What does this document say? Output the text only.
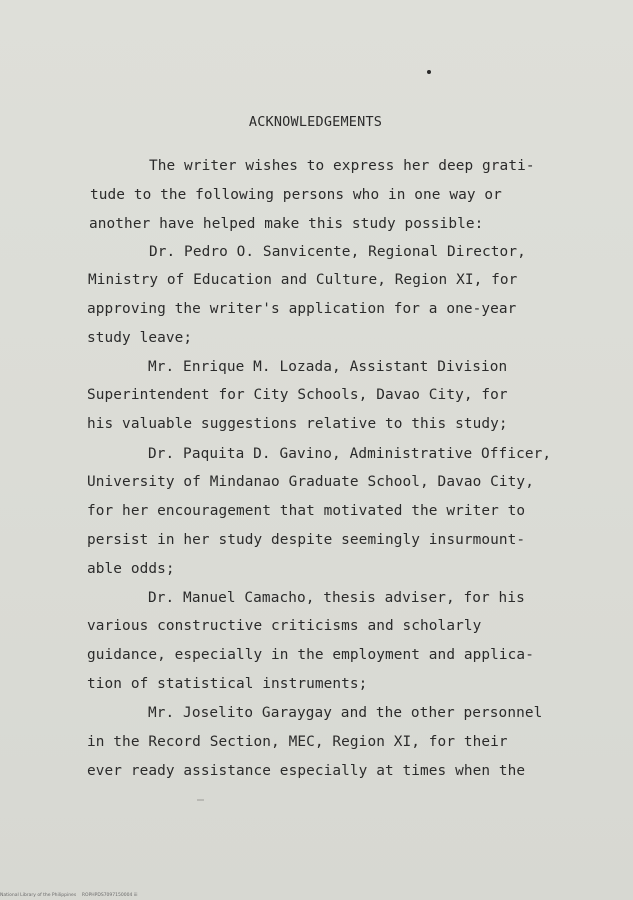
ACKNOWLEDGEMENTS
The writer wishes to express her deep grati-
tude to the following persons who in one way or
another have helped make this study possible:
Dr. Pedro O. Sanvicente, Regional Director,
Ministry of Education and Culture, Region XI, for
approving the writer's application for a one-year
study leave;
Mr. Enrique M. Lozada, Assistant Division
Superintendent for City Schools, Davao City, for
his valuable suggestions relative to this study;
Dr. Paquita D. Gavino, Administrative Officer,
University of Mindanao Graduate School, Davao City,
for her encouragement that motivated the writer to
persist in her study despite seemingly insurmount-
able odds;
Dr. Manuel Camacho, thesis adviser, for his
various constructive criticisms and scholarly
guidance, especially in the employment and applica-
tion of statistical instruments;
Mr. Joselito Garaygay and the other personnel
in the Record Section, MEC, Region XI, for their
ever ready assistance especially at times when the
National Library of the Philippines    ROPHPDS7097150004 iii
